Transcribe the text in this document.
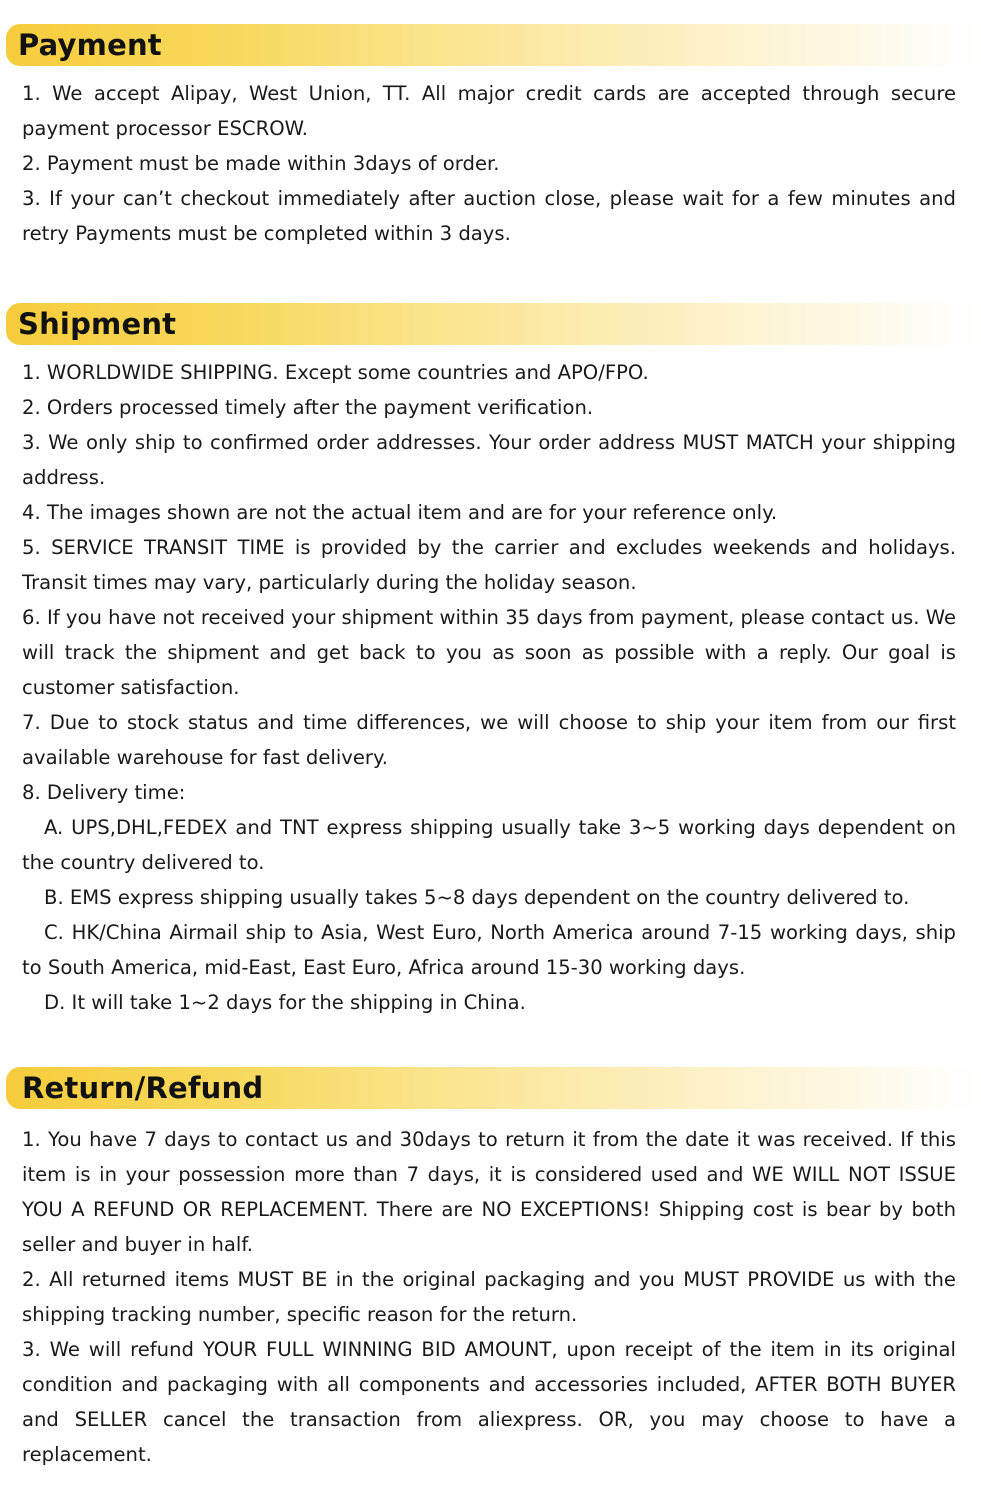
Payment
1. We accept Alipay, West Union, TT. All major credit cards are accepted through secure
payment processor ESCROW.
2. Payment must be made within 3days of order.
3. If your can’t checkout immediately after auction close, please wait for a few minutes and
retry Payments must be completed within 3 days.
Shipment
1. WORLDWIDE SHIPPING. Except some countries and APO/FPO.
2. Orders processed timely after the payment verification.
3. We only ship to confirmed order addresses. Your order address MUST MATCH your shipping
address.
4. The images shown are not the actual item and are for your reference only.
5. SERVICE TRANSIT TIME is provided by the carrier and excludes weekends and holidays.
Transit times may vary, particularly during the holiday season.
6. If you have not received your shipment within 35 days from payment, please contact us. We
will track the shipment and get back to you as soon as possible with a reply. Our goal is
customer satisfaction.
7. Due to stock status and time differences, we will choose to ship your item from our first
available warehouse for fast delivery.
8. Delivery time:
A. UPS,DHL,FEDEX and TNT express shipping usually take 3~5 working days dependent on
the country delivered to.
B. EMS express shipping usually takes 5~8 days dependent on the country delivered to.
C. HK/China Airmail ship to Asia, West Euro, North America around 7-15 working days, ship
to South America, mid-East, East Euro, Africa around 15-30 working days.
D. It will take 1~2 days for the shipping in China.
Return/Refund
1. You have 7 days to contact us and 30days to return it from the date it was received. If this
item is in your possession more than 7 days, it is considered used and WE WILL NOT ISSUE
YOU A REFUND OR REPLACEMENT. There are NO EXCEPTIONS! Shipping cost is bear by both
seller and buyer in half.
2. All returned items MUST BE in the original packaging and you MUST PROVIDE us with the
shipping tracking number, specific reason for the return.
3. We will refund YOUR FULL WINNING BID AMOUNT, upon receipt of the item in its original
condition and packaging with all components and accessories included, AFTER BOTH BUYER
and SELLER cancel the transaction from aliexpress. OR, you may choose to have a
replacement.
